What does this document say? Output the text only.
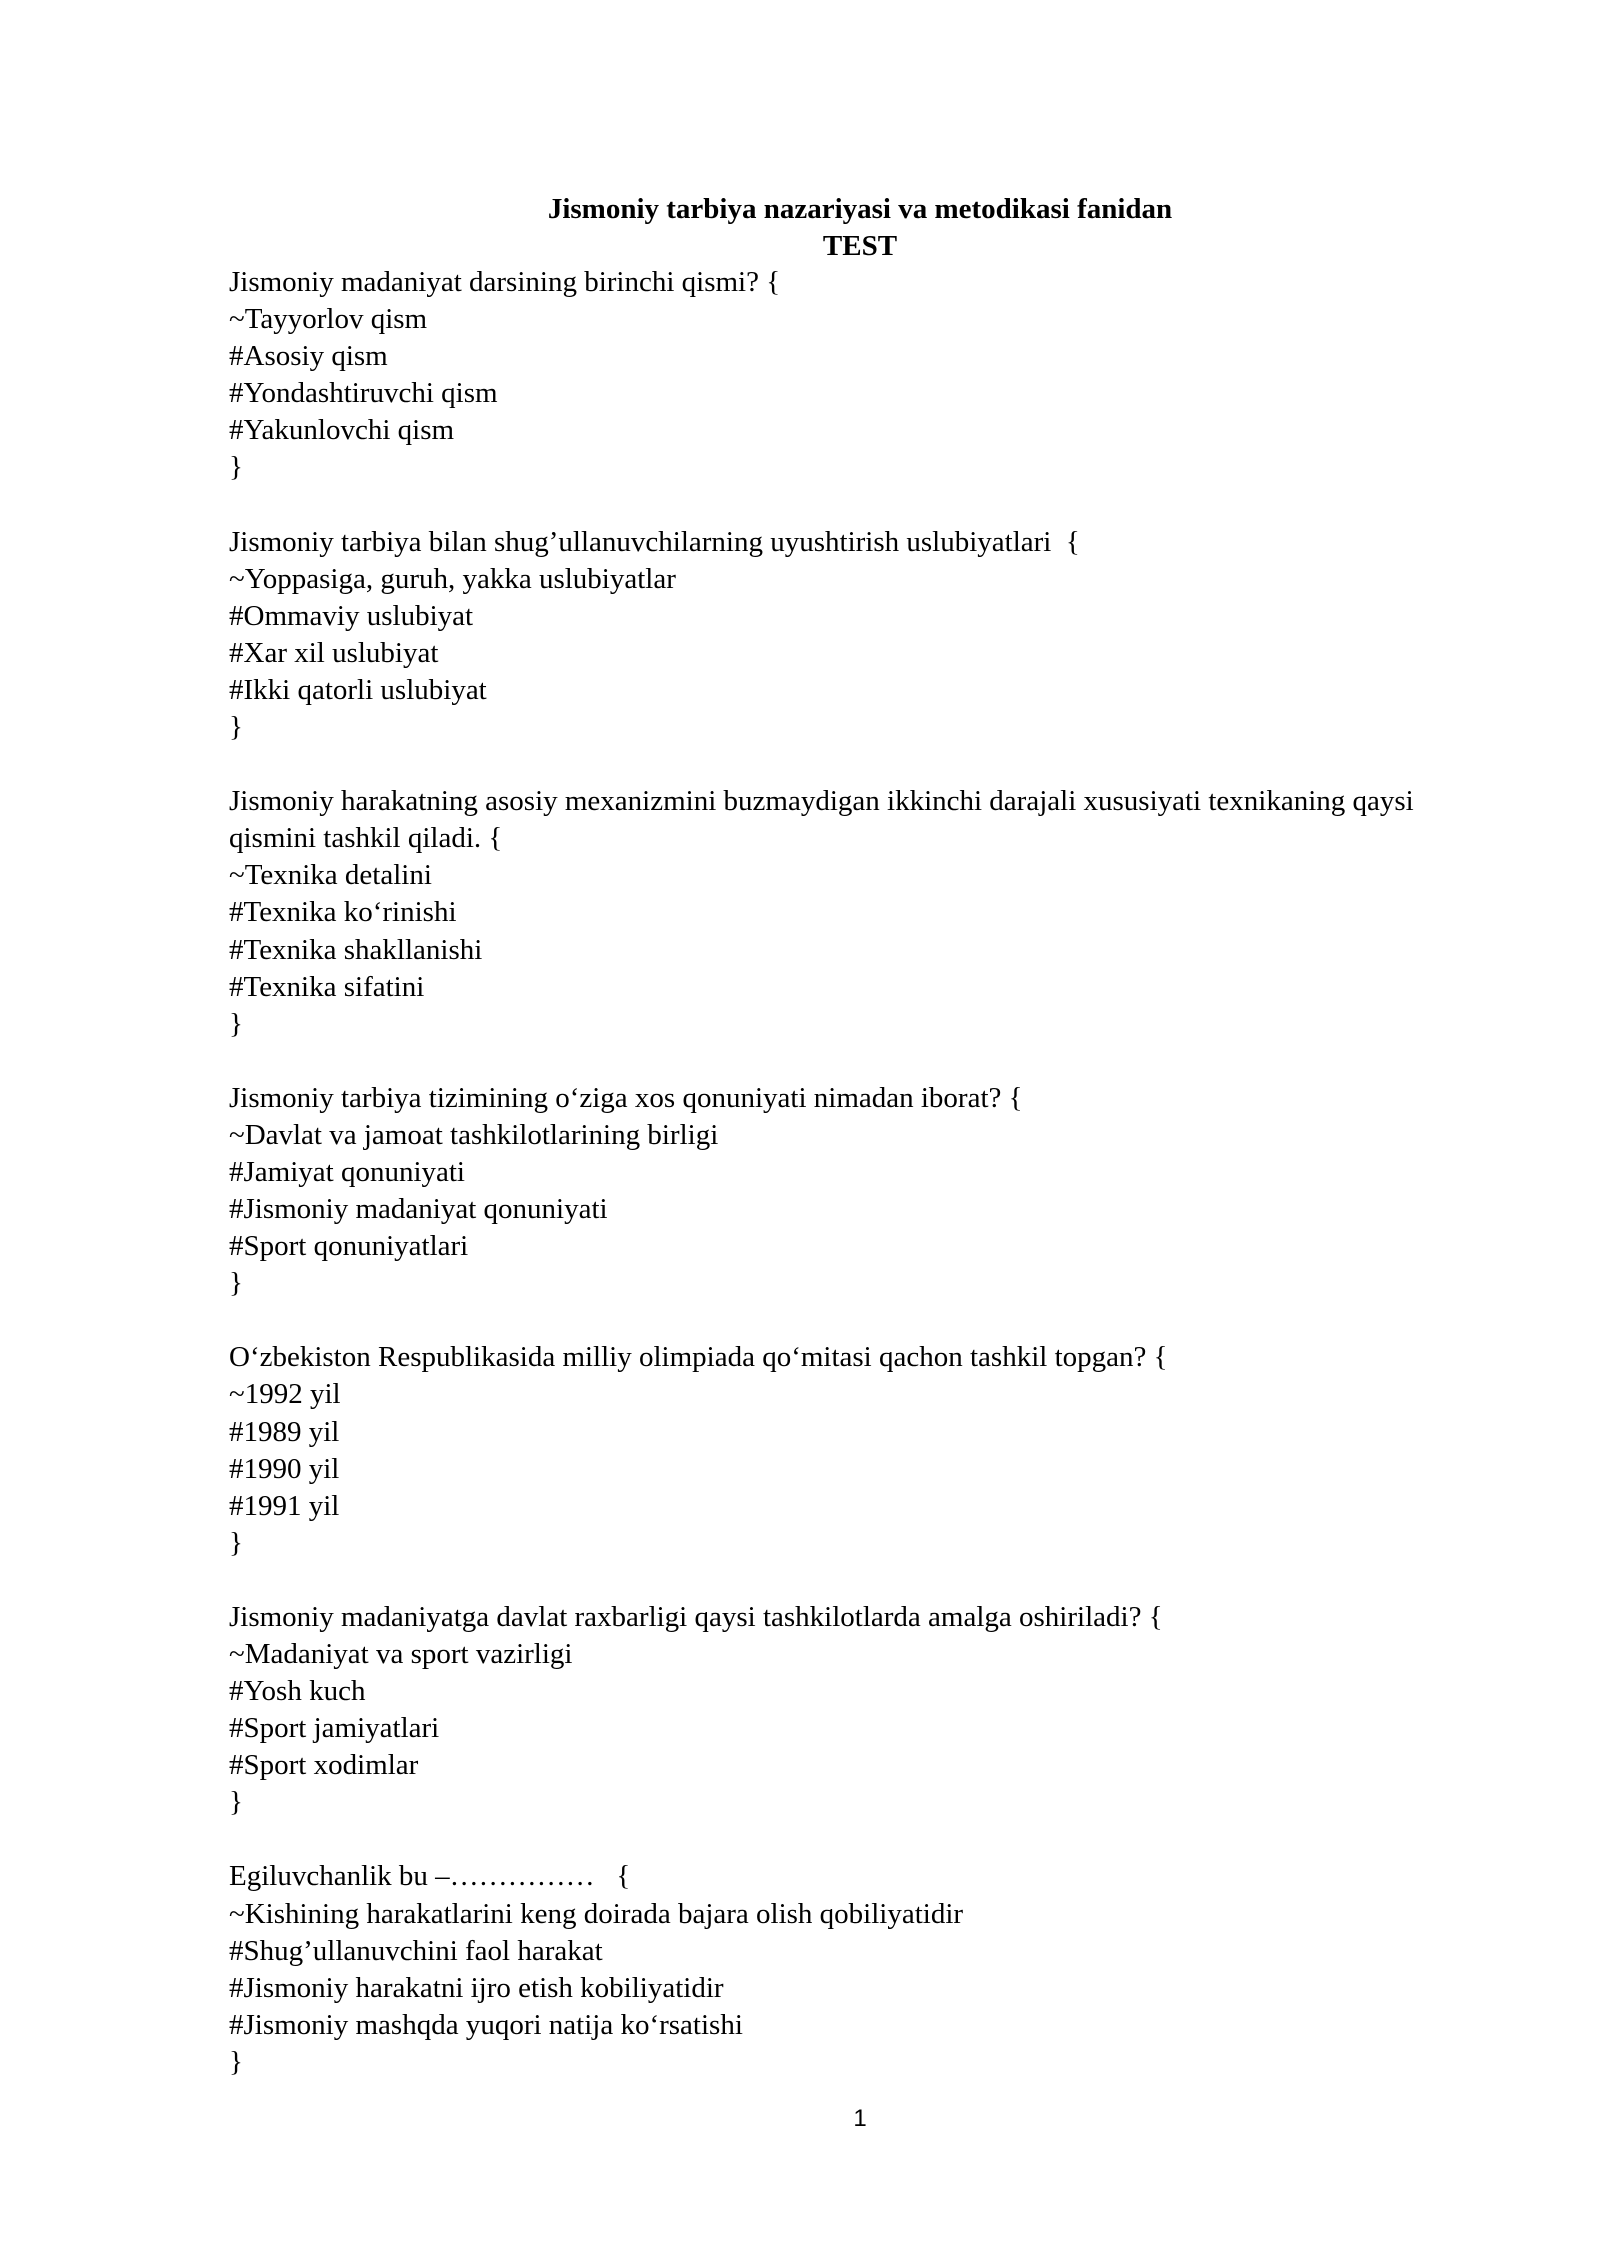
Jismoniy tarbiya nazariyasi va metodikasi fanidan
TEST
Jismoniy madaniyat darsining birinchi qismi? {
~Tayyorlov qism
#Asosiy qism
#Yondashtiruvchi qism
#Yakunlovchi qism
}
Jismoniy tarbiya bilan shug’ullanuvchilarning uyushtirish uslubiyatlari  {
~Yoppasiga, guruh, yakka uslubiyatlar
#Ommaviy uslubiyat
#Xar xil uslubiyat
#Ikki qatorli uslubiyat
}
Jismoniy harakatning asosiy mexanizmini buzmaydigan ikkinchi darajali xususiyati texnikaning qaysi qismini tashkil qiladi. {
~Texnika detalini
#Texnika ko‘rinishi
#Texnika shakllanishi
#Texnika sifatini
}
Jismoniy tarbiya tizimining o‘ziga xos qonuniyati nimadan iborat? {
~Davlat va jamoat tashkilotlarining birligi
#Jamiyat qonuniyati
#Jismoniy madaniyat qonuniyati
#Sport qonuniyatlari
}
O‘zbekiston Respublikasida milliy olimpiada qo‘mitasi qachon tashkil topgan? {
~1992 yil
#1989 yil
#1990 yil
#1991 yil
}
Jismoniy madaniyatga davlat raxbarligi qaysi tashkilotlarda amalga oshiriladi? {
~Madaniyat va sport vazirligi
#Yosh kuch
#Sport jamiyatlari
#Sport xodimlar
}
Egiluvchanlik bu –……………   {
~Kishining harakatlarini keng doirada bajara olish qobiliyatidir
#Shug’ullanuvchini faol harakat
#Jismoniy harakatni ijro etish kobiliyatidir
#Jismoniy mashqda yuqori natija ko‘rsatishi
}
1
